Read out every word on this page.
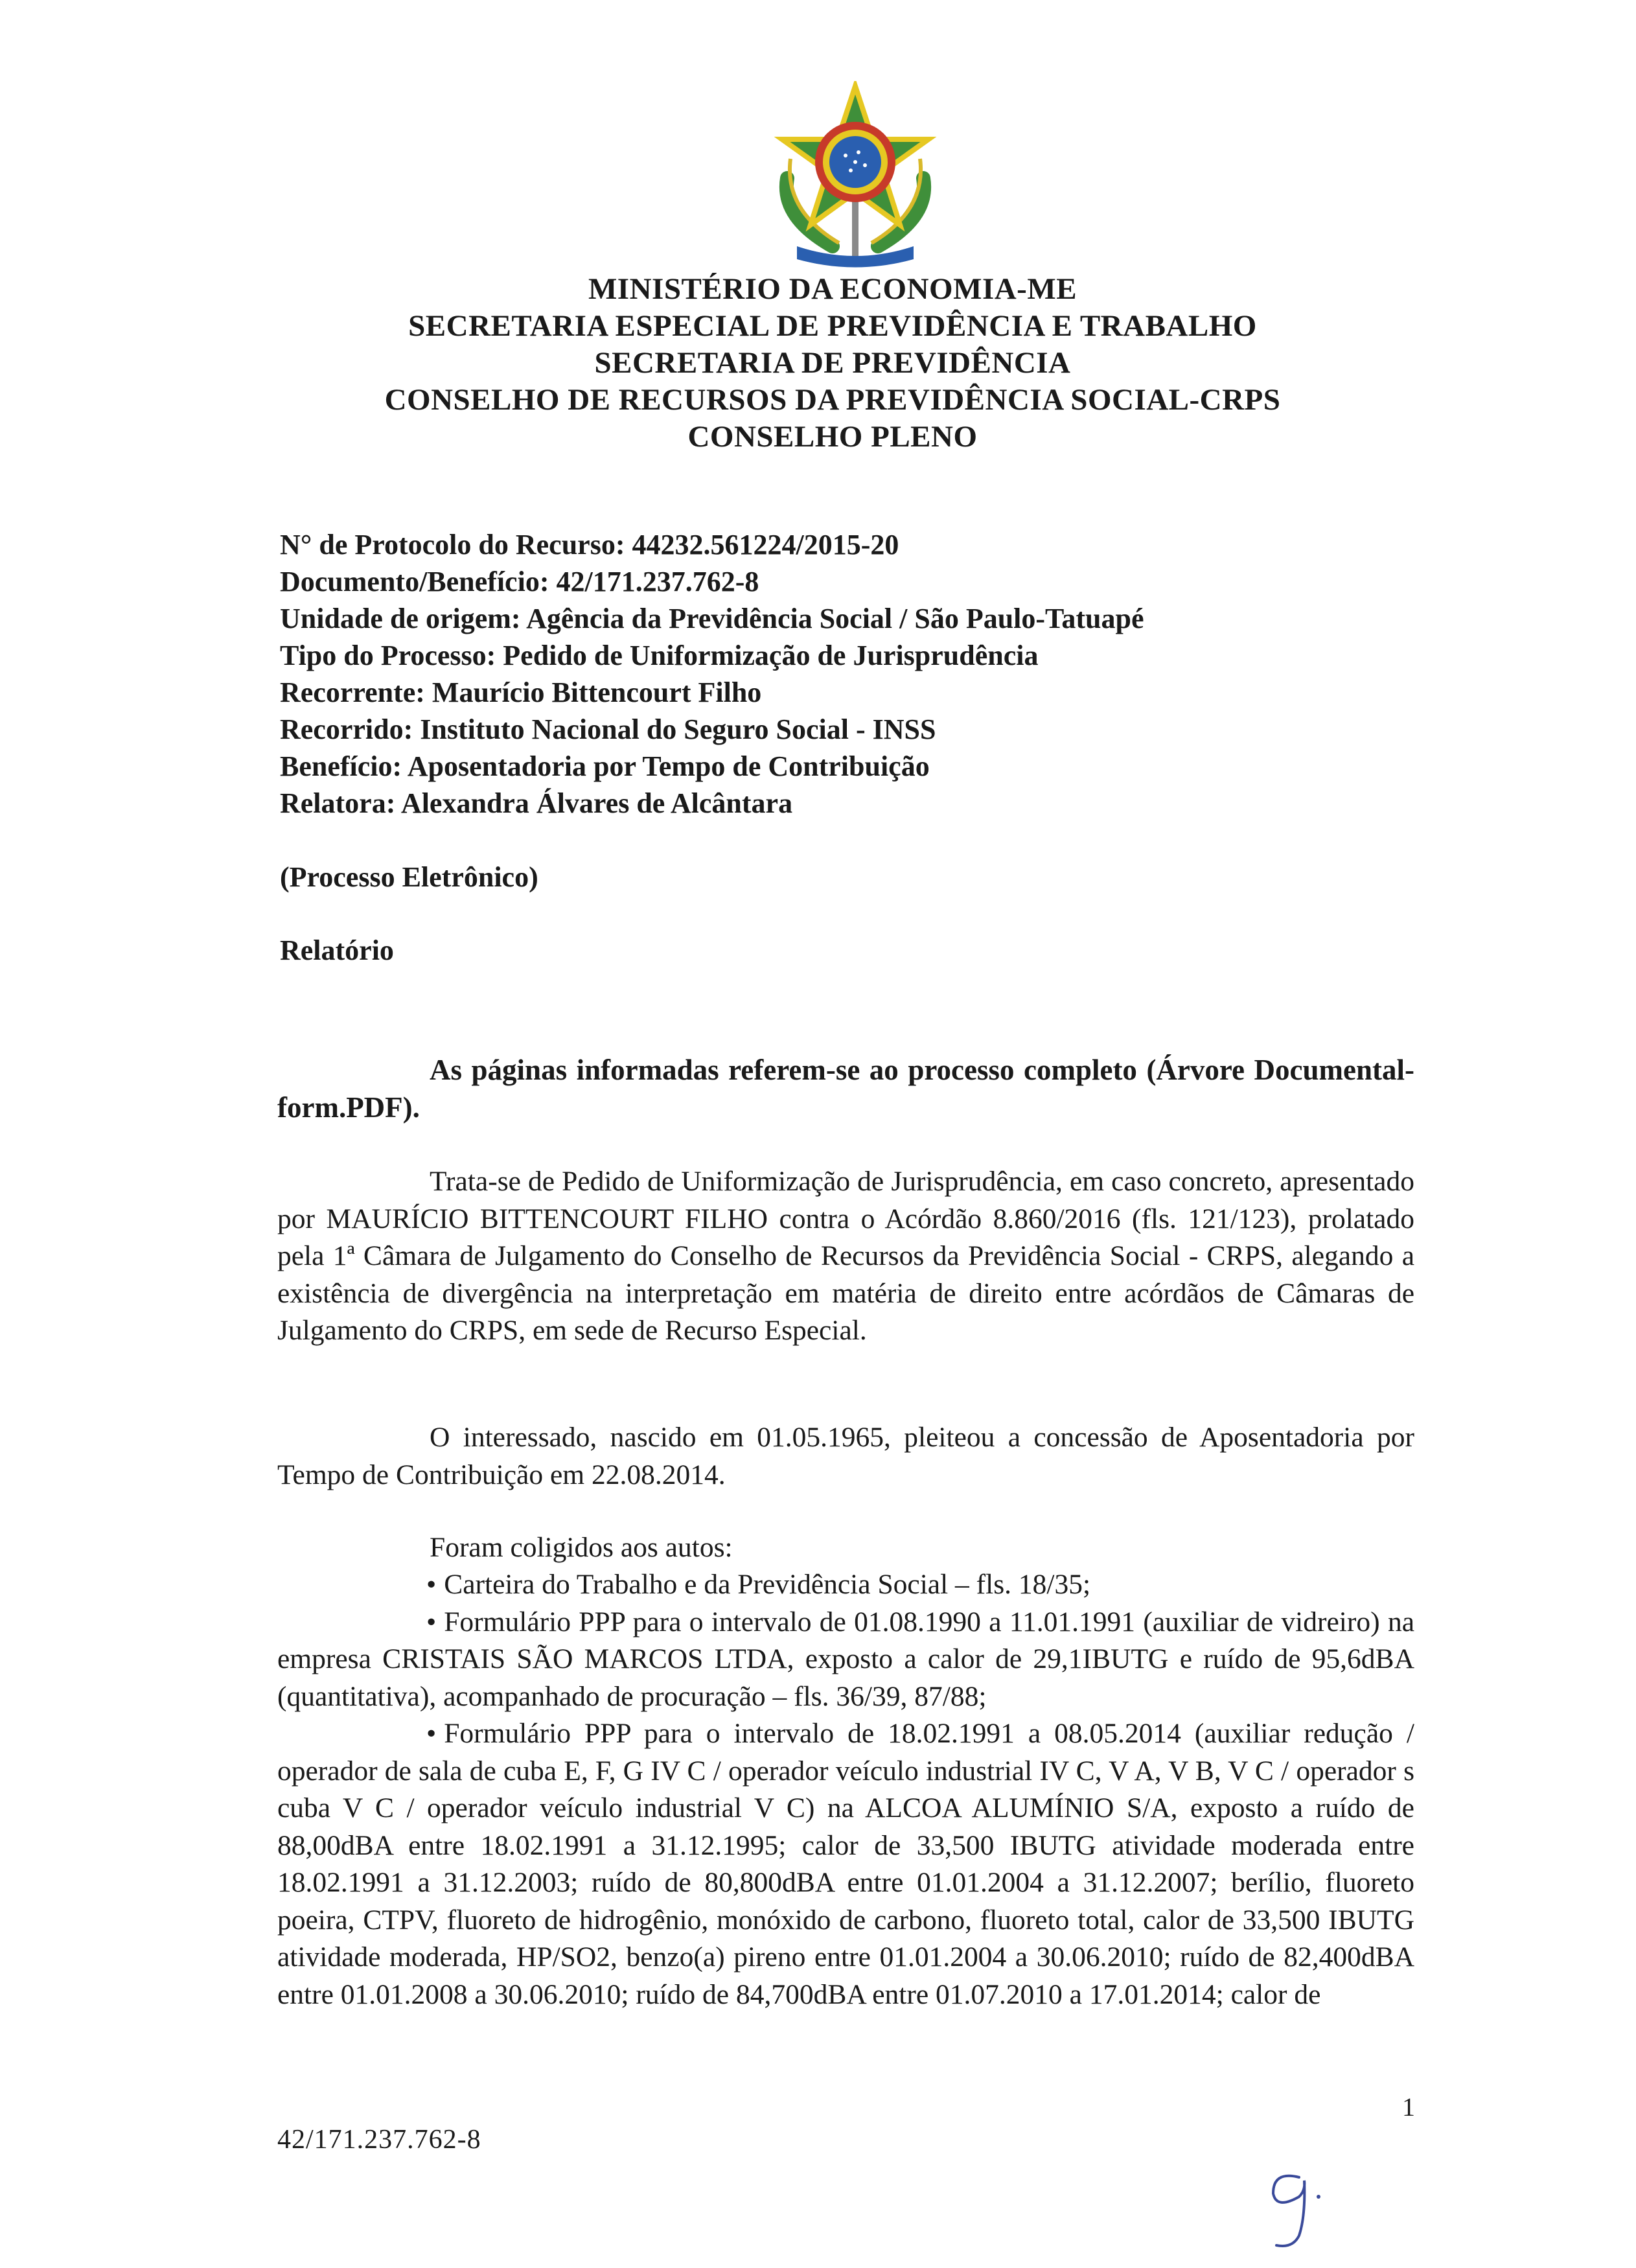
MINISTÉRIO DA ECONOMIA-ME
SECRETARIA ESPECIAL DE PREVIDÊNCIA E TRABALHO
SECRETARIA DE PREVIDÊNCIA
CONSELHO DE RECURSOS DA PREVIDÊNCIA SOCIAL-CRPS
CONSELHO PLENO
N° de Protocolo do Recurso: 44232.561224/2015-20
Documento/Benefício: 42/171.237.762-8
Unidade de origem: Agência da Previdência Social / São Paulo-Tatuapé
Tipo do Processo: Pedido de Uniformização de Jurisprudência
Recorrente: Maurício Bittencourt Filho
Recorrido: Instituto Nacional do Seguro Social - INSS
Benefício: Aposentadoria por Tempo de Contribuição
Relatora: Alexandra Álvares de Alcântara
(Processo Eletrônico)
Relatório
As páginas informadas referem-se ao processo completo (Árvore Documental-form.PDF).
Trata-se de Pedido de Uniformização de Jurisprudência, em caso concreto, apresentado por MAURÍCIO BITTENCOURT FILHO contra o Acórdão 8.860/2016 (fls. 121/123), prolatado pela 1ª Câmara de Julgamento do Conselho de Recursos da Previdência Social - CRPS, alegando a existência de divergência na interpretação em matéria de direito entre acórdãos de Câmaras de Julgamento do CRPS, em sede de Recurso Especial.
O interessado, nascido em 01.05.1965, pleiteou a concessão de Aposentadoria por Tempo de Contribuição em 22.08.2014.
Foram coligidos aos autos:
• Carteira do Trabalho e da Previdência Social – fls. 18/35;
• Formulário PPP para o intervalo de 01.08.1990 a 11.01.1991 (auxiliar de vidreiro) na empresa CRISTAIS SÃO MARCOS LTDA, exposto a calor de 29,1IBUTG e ruído de 95,6dBA (quantitativa), acompanhado de procuração – fls. 36/39, 87/88;
• Formulário PPP para o intervalo de 18.02.1991 a 08.05.2014 (auxiliar redução / operador de sala de cuba E, F, G IV C / operador veículo industrial IV C, V A, V B, V C / operador s cuba V C / operador veículo industrial V C) na ALCOA ALUMÍNIO S/A, exposto a ruído de 88,00dBA entre 18.02.1991 a 31.12.1995; calor de 33,500 IBUTG atividade moderada entre 18.02.1991 a 31.12.2003; ruído de 80,800dBA entre 01.01.2004 a 31.12.2007; berílio, fluoreto poeira, CTPV, fluoreto de hidrogênio, monóxido de carbono, fluoreto total, calor de 33,500 IBUTG atividade moderada, HP/SO2, benzo(a) pireno entre 01.01.2004 a 30.06.2010; ruído de 82,400dBA entre 01.01.2008 a 30.06.2010; ruído de 84,700dBA entre 01.07.2010 a 17.01.2014; calor de
1
42/171.237.762-8
